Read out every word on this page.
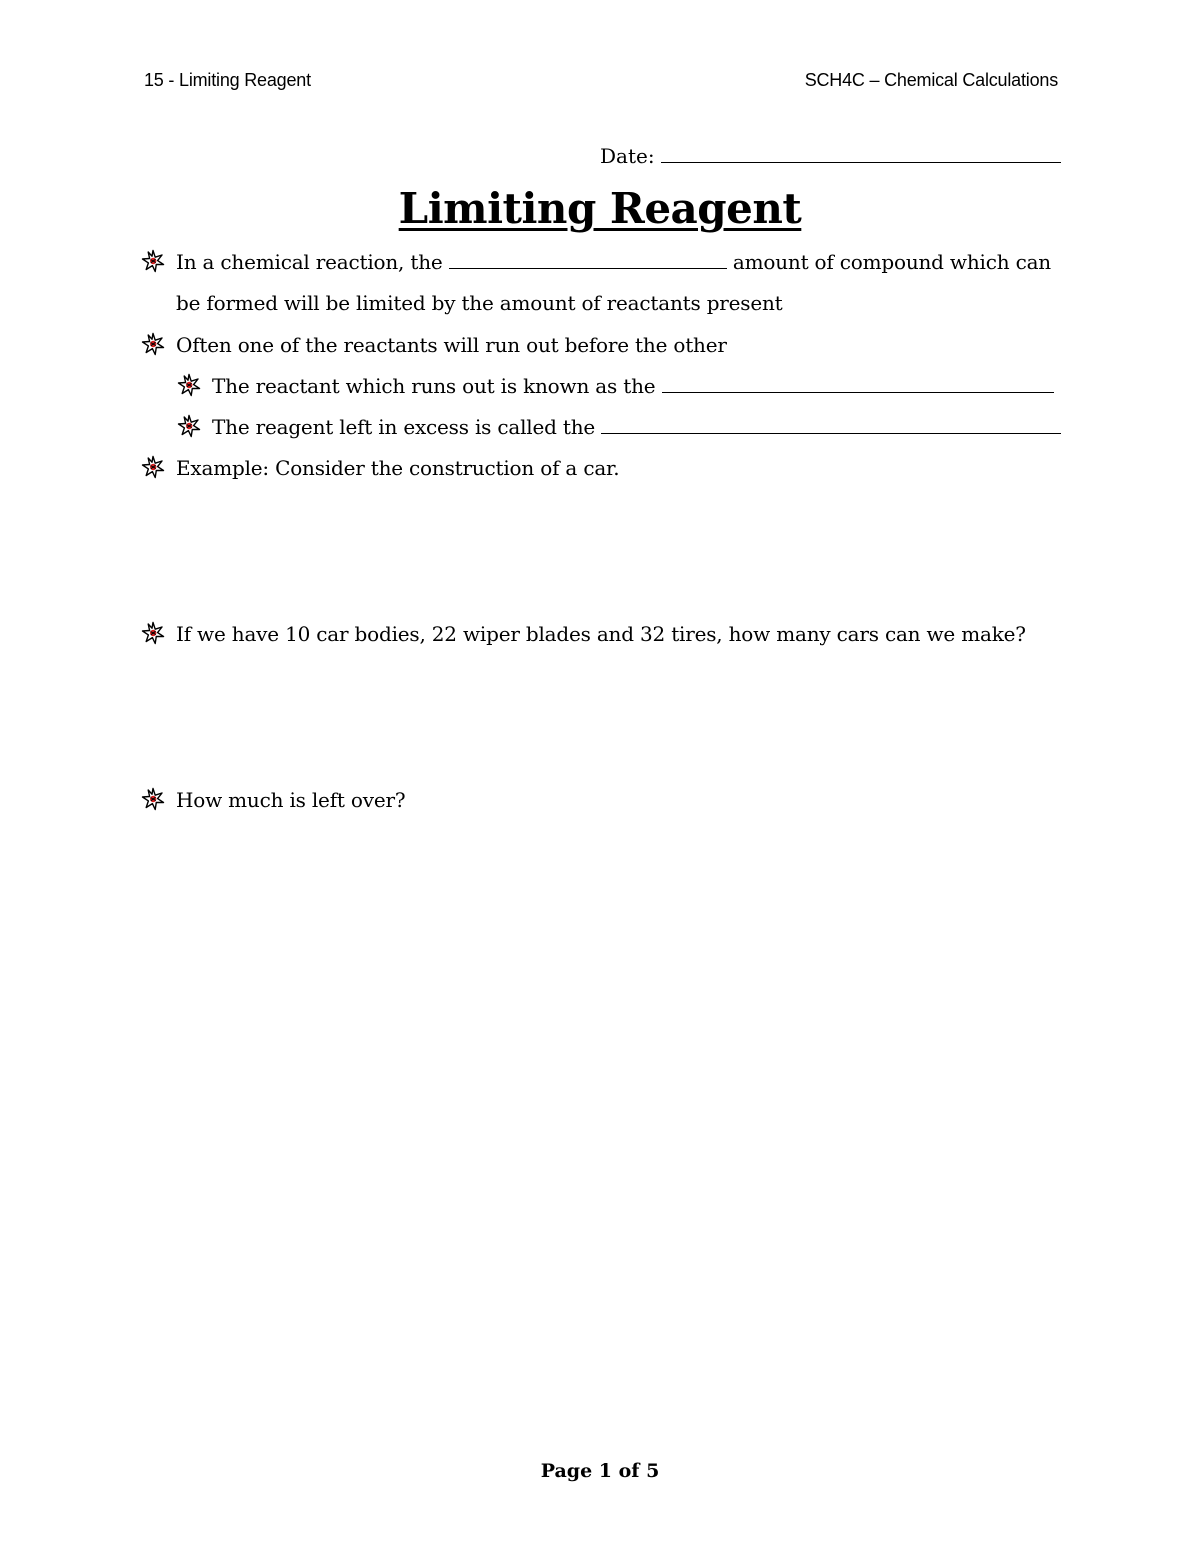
15 - Limiting Reagent	SCH4C – Chemical Calculations
Date:
Limiting Reagent
In a chemical reaction, the	amount of compound which can
be formed will be limited by the amount of reactants present
Often one of the reactants will run out before the other
The reactant which runs out is known as the
The reagent left in excess is called the
Example: Consider the construction of a car.
If we have 10 car bodies, 22 wiper blades and 32 tires, how many cars can we make?
How much is left over?
Page 1 of 5
